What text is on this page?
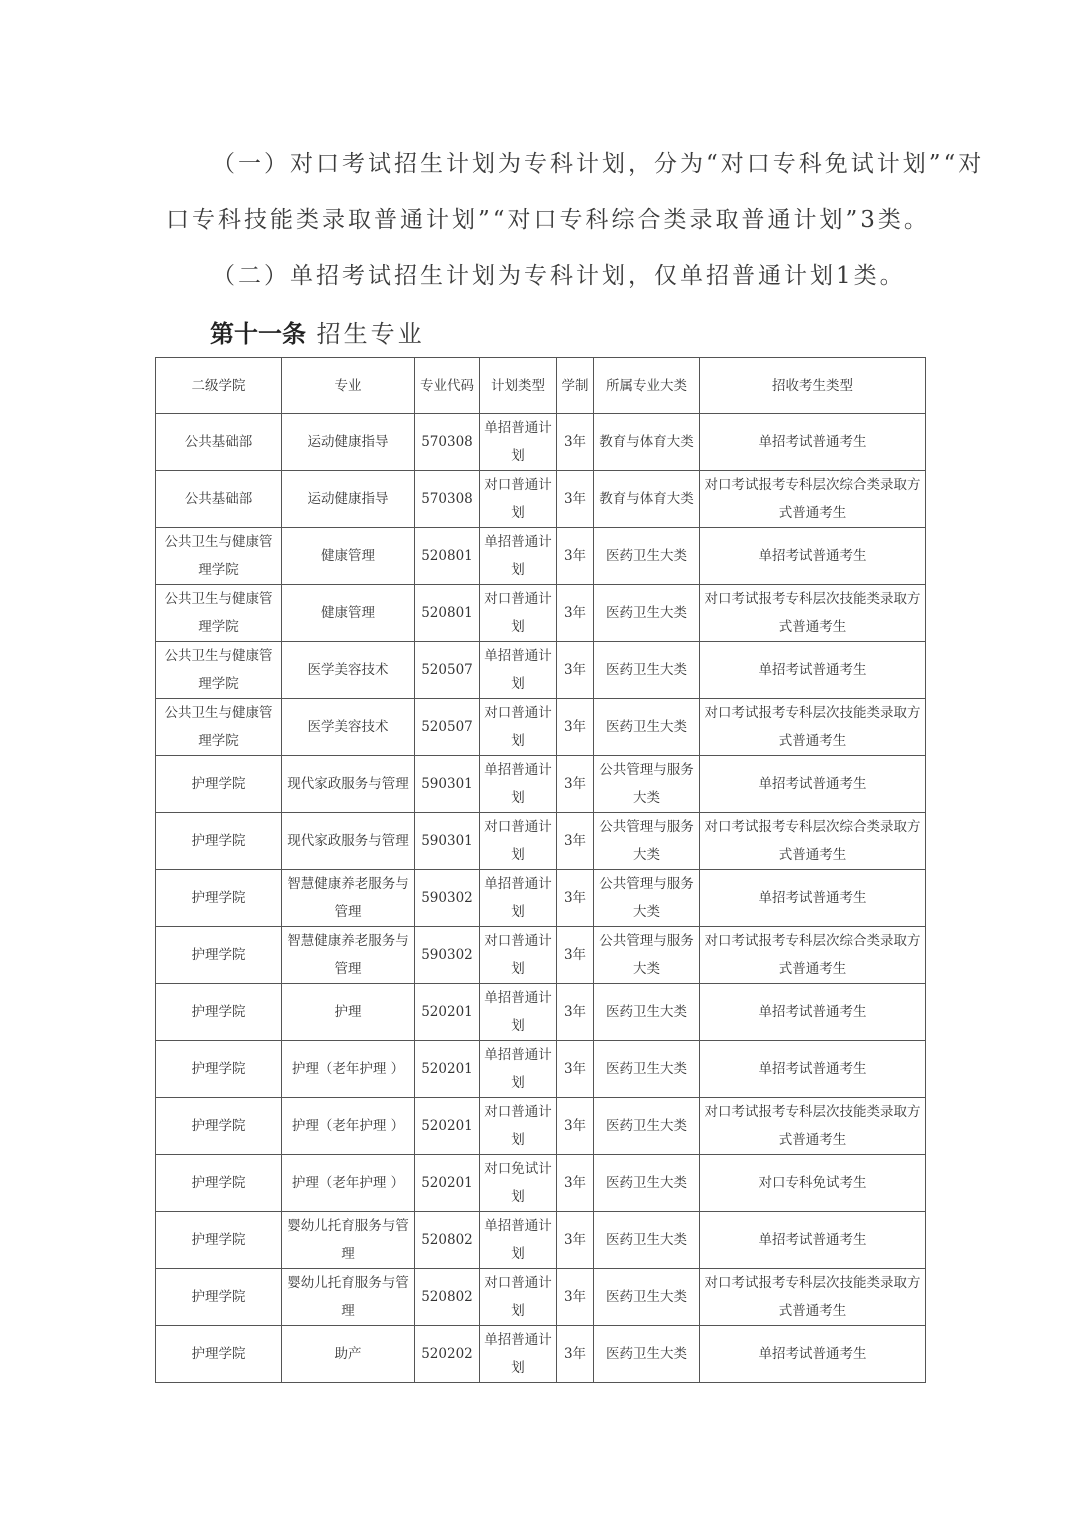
（一）对口考试招生计划为专科计划，分为“对口专科免试计划”“对
口专科技能类录取普通计划”“对口专科综合类录取普通计划”3类。
（二）单招考试招生计划为专科计划，仅单招普通计划1类。
第十一条 招生专业
二级学院	专业	专业代码	计划类型	学制	所属专业大类	招收考生类型
公共基础部	运动健康指导	570308	单招普通计划	3年	教育与体育大类	单招考试普通考生
公共基础部	运动健康指导	570308	对口普通计划	3年	教育与体育大类	对口考试报考专科层次综合类录取方式普通考生
公共卫生与健康管理学院	健康管理	520801	单招普通计划	3年	医药卫生大类	单招考试普通考生
公共卫生与健康管理学院	健康管理	520801	对口普通计划	3年	医药卫生大类	对口考试报考专科层次技能类录取方式普通考生
公共卫生与健康管理学院	医学美容技术	520507	单招普通计划	3年	医药卫生大类	单招考试普通考生
公共卫生与健康管理学院	医学美容技术	520507	对口普通计划	3年	医药卫生大类	对口考试报考专科层次技能类录取方式普通考生
护理学院	现代家政服务与管理	590301	单招普通计划	3年	公共管理与服务大类	单招考试普通考生
护理学院	现代家政服务与管理	590301	对口普通计划	3年	公共管理与服务大类	对口考试报考专科层次综合类录取方式普通考生
护理学院	智慧健康养老服务与管理	590302	单招普通计划	3年	公共管理与服务大类	单招考试普通考生
护理学院	智慧健康养老服务与管理	590302	对口普通计划	3年	公共管理与服务大类	对口考试报考专科层次综合类录取方式普通考生
护理学院	护理	520201	单招普通计划	3年	医药卫生大类	单招考试普通考生
护理学院	护理（老年护理 ）	520201	单招普通计划	3年	医药卫生大类	单招考试普通考生
护理学院	护理（老年护理 ）	520201	对口普通计划	3年	医药卫生大类	对口考试报考专科层次技能类录取方式普通考生
护理学院	护理（老年护理 ）	520201	对口免试计划	3年	医药卫生大类	对口专科免试考生
护理学院	婴幼儿托育服务与管理	520802	单招普通计划	3年	医药卫生大类	单招考试普通考生
护理学院	婴幼儿托育服务与管理	520802	对口普通计划	3年	医药卫生大类	对口考试报考专科层次技能类录取方式普通考生
护理学院	助产	520202	单招普通计划	3年	医药卫生大类	单招考试普通考生
